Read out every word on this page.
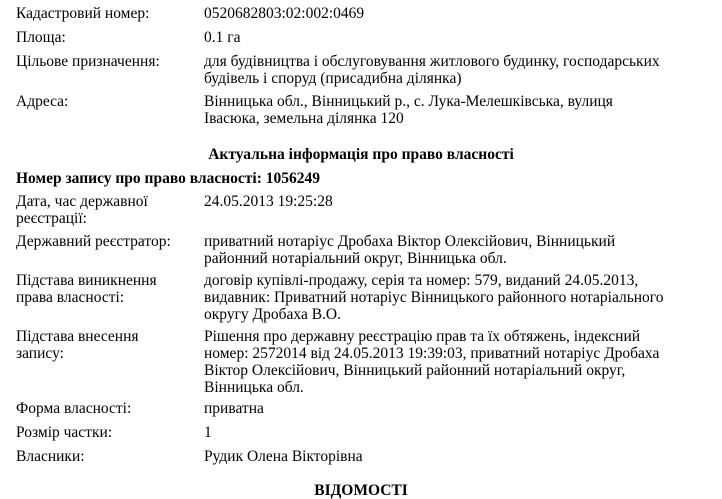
Кадастровий номер:	0520682803:02:002:0469
Площа:	0.1 га
Цільове призначення:	для будівництва і обслуговування житлового будинку, господарських
будівель і споруд (присадибна ділянка)
Адреса:	Вінницька обл., Вінницький р., с. Лука-Мелешківська, вулиця
Івасюка, земельна ділянка 120
Актуальна інформація про право власності
Номер запису про право власності: 1056249
Дата, час державної
реєстрації:
24.05.2013 19:25:28
Державний реєстратор:	приватний нотаріус Дробаха Віктор Олексійович, Вінницький
районний нотаріальний округ, Вінницька обл.
Підстава виникнення
права власності:
договір купівлі-продажу, серія та номер: 579, виданий 24.05.2013,
видавник: Приватний нотаріус Вінницького районного нотаріального
округу Дробаха В.О.
Підстава внесення
запису:
Рішення про державну реєстрацію прав та їх обтяжень, індексний
номер: 2572014 від 24.05.2013 19:39:03, приватний нотаріус Дробаха
Віктор Олексійович, Вінницький районний нотаріальний округ,
Вінницька обл.
Форма власності:	приватна
Розмір частки:	1
Власники:	Рудик Олена Вікторівна
ВІДОМОСТІ
